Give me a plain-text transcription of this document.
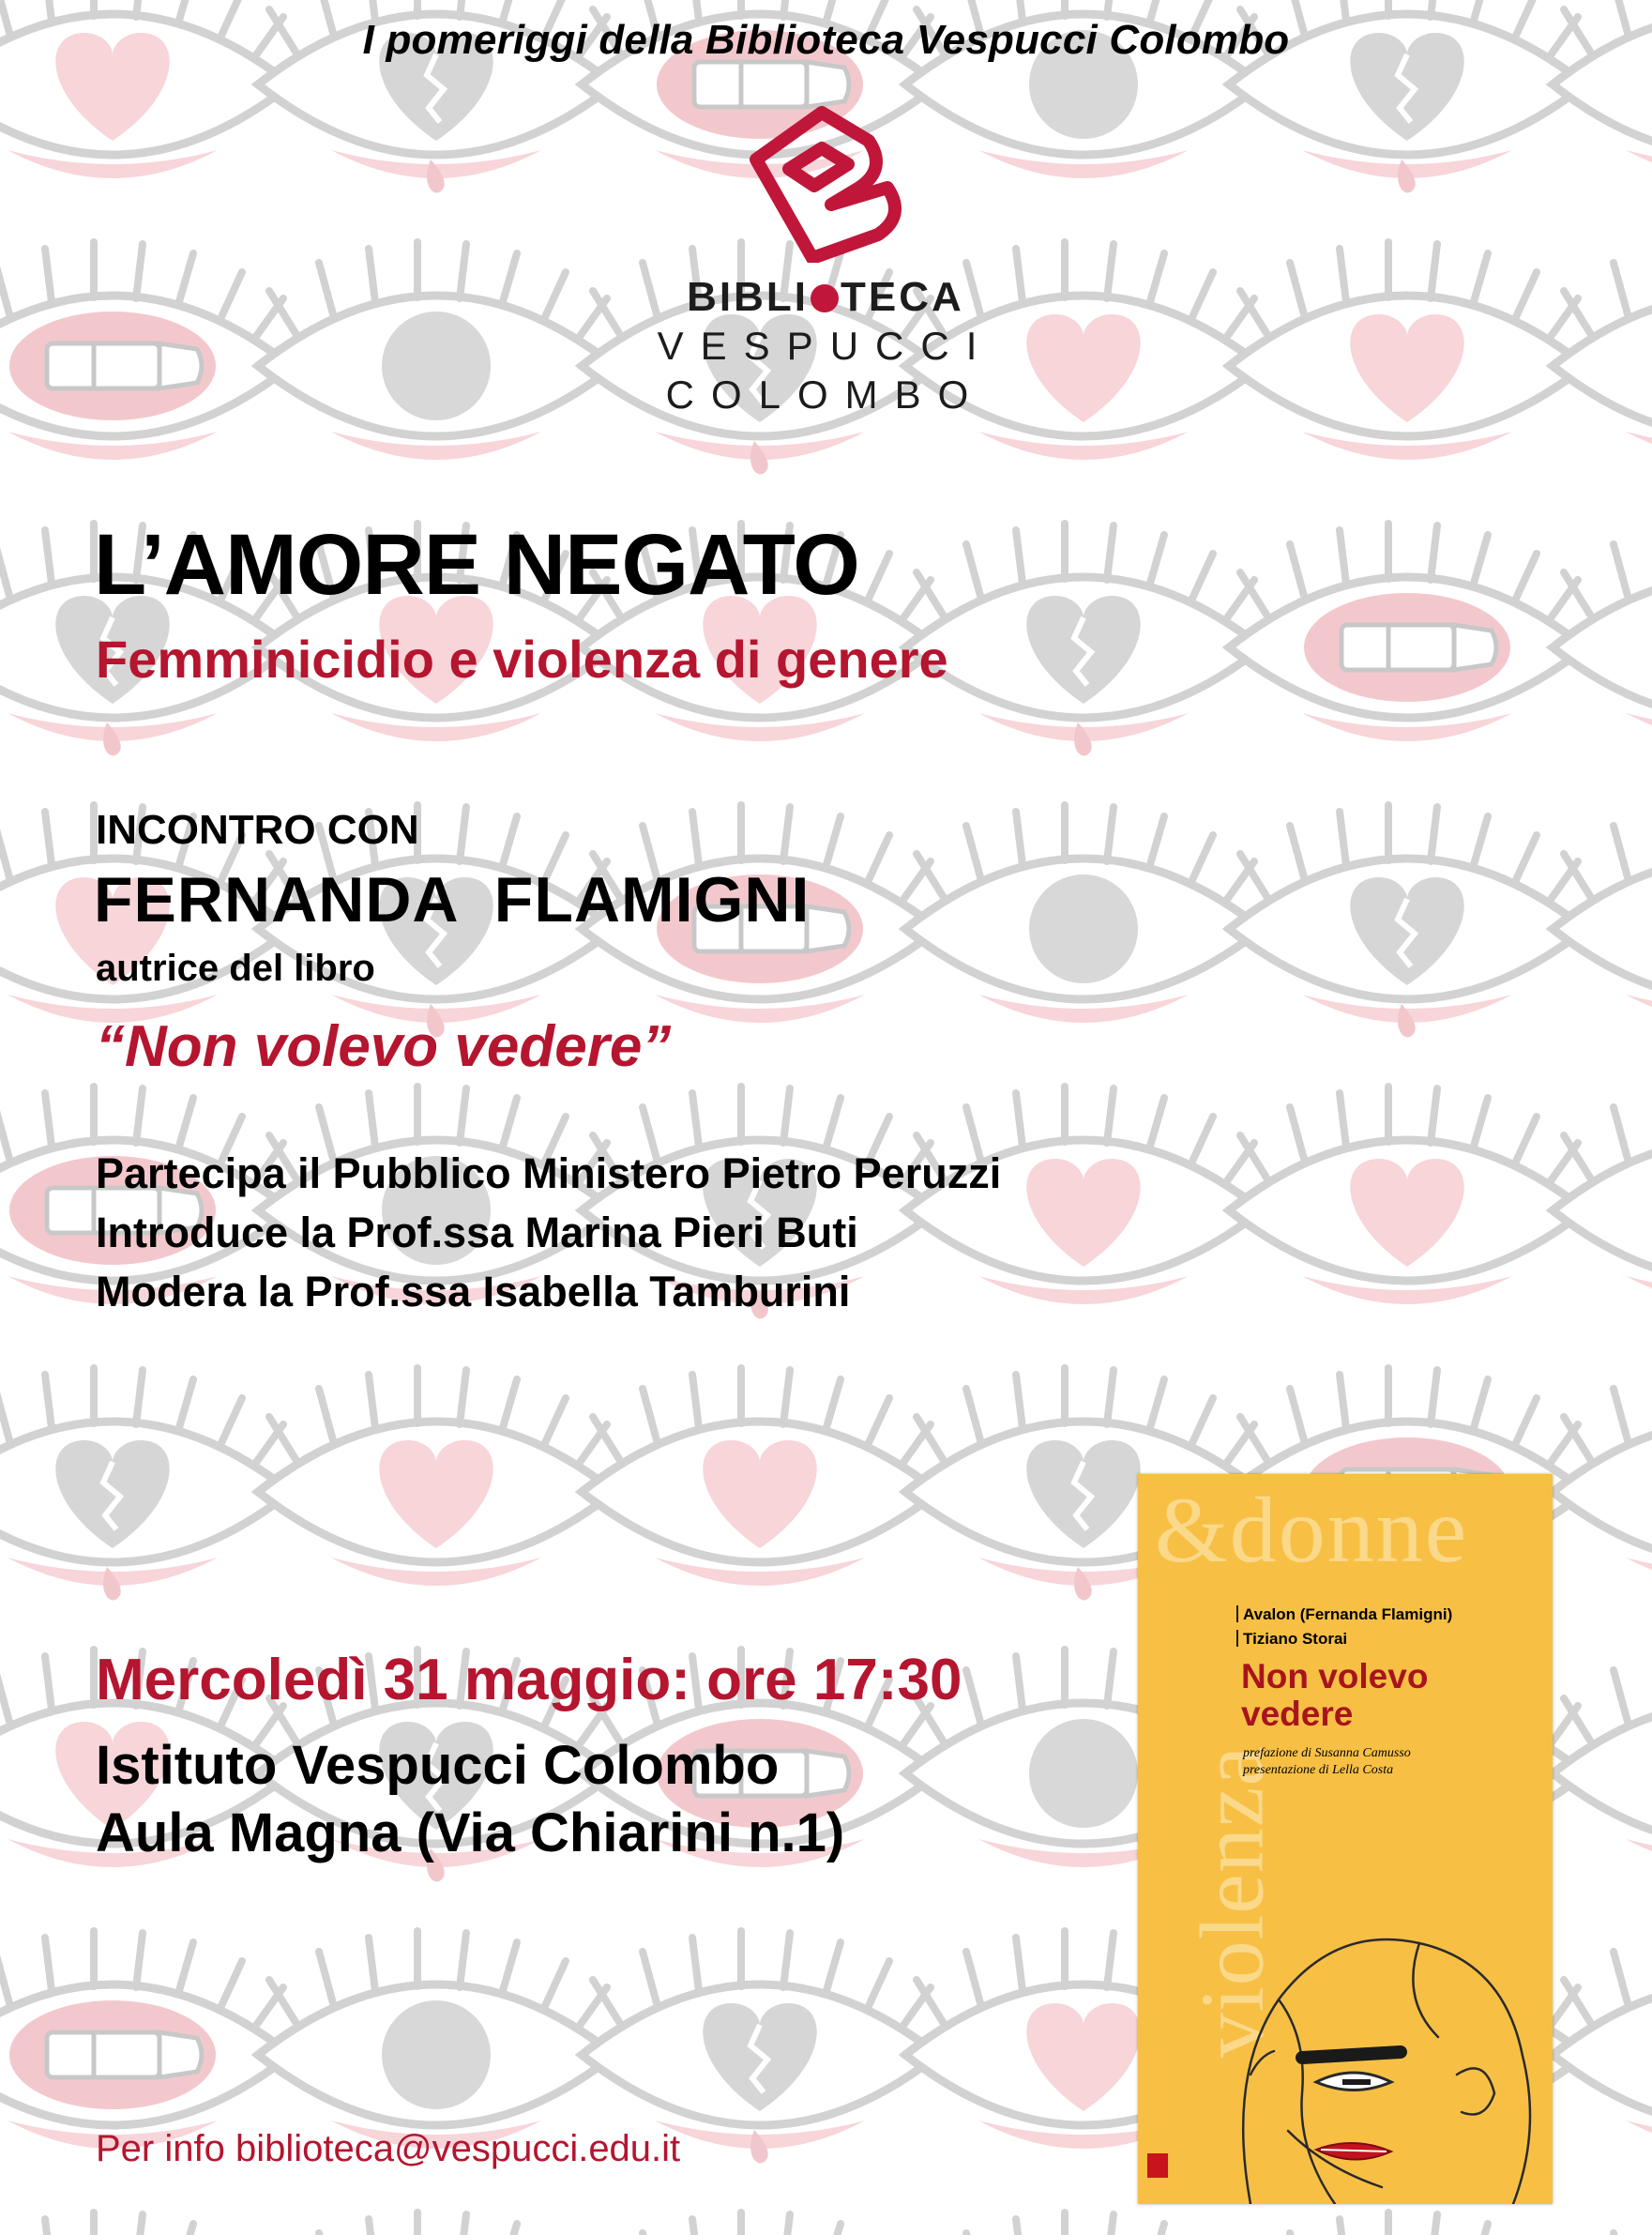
I pomeriggi della Biblioteca Vespucci Colombo
BIBLI TECA
VESPUCCI
COLOMBO
L’AMORE NEGATO
Femminicidio e violenza di genere
INCONTRO CON
FERNANDA  FLAMIGNI
autrice del libro
“Non volevo vedere”
Partecipa il Pubblico Ministero Pietro Peruzzi
Introduce la Prof.ssa Marina Pieri Buti
Modera la Prof.ssa Isabella Tamburini
Mercoledì 31 maggio: ore 17:30
Istituto Vespucci Colombo
Aula Magna (Via Chiarini n.1)
Per info biblioteca@vespucci.edu.it
&donne
violenza
Avalon (Fernanda Flamigni)
Tiziano Storai
Non volevo vedere
prefazione di Susanna Camusso
presentazione di Lella Costa
